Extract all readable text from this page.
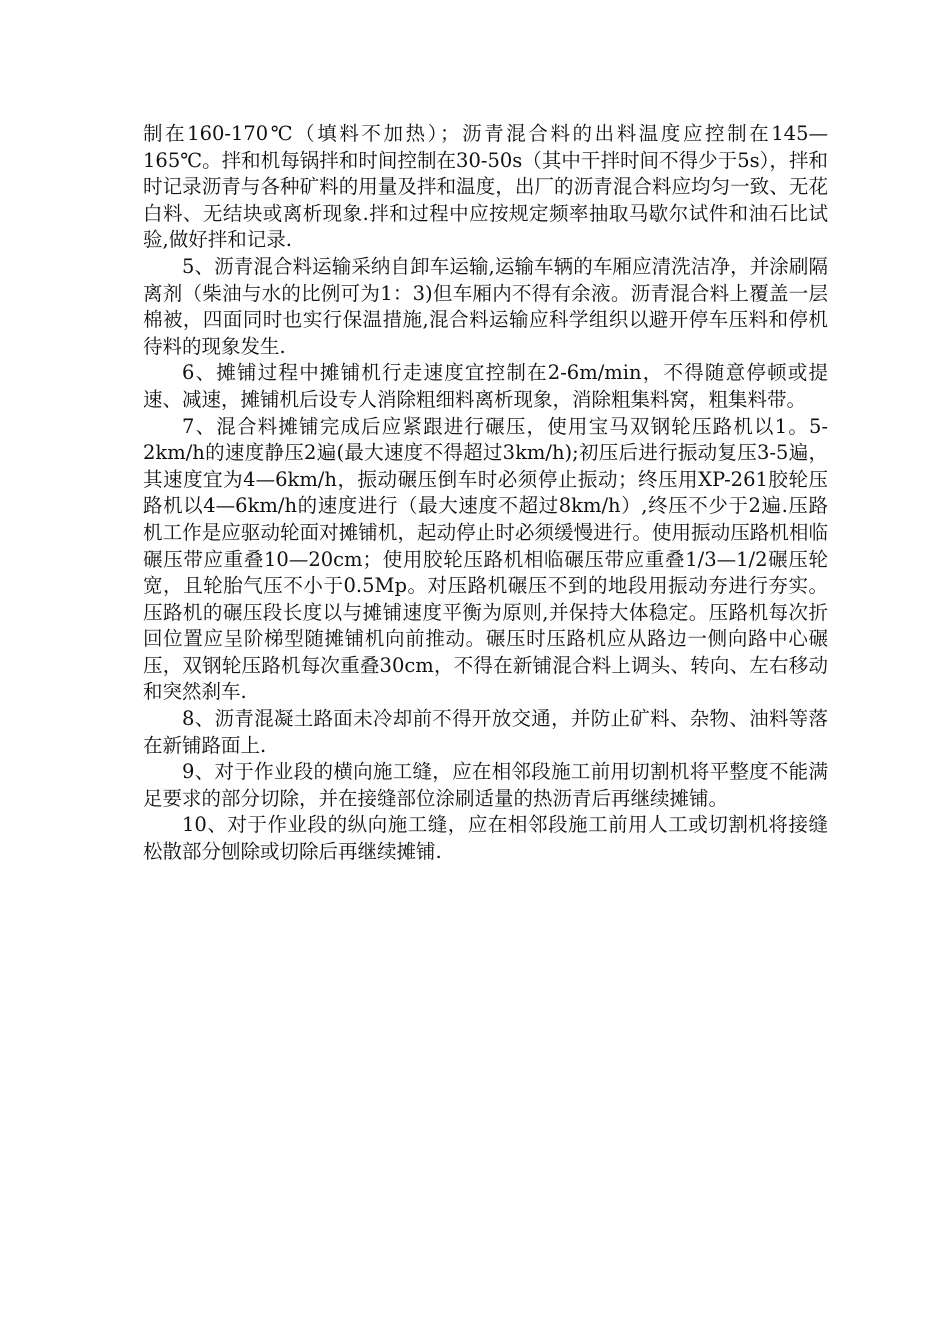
制在160-170℃（填料不加热）；沥青混合料的出料温度应控制在145—165℃。拌和机每锅拌和时间控制在30-50s（其中干拌时间不得少于5s），拌和时记录沥青与各种矿料的用量及拌和温度，出厂的沥青混合料应均匀一致、无花白料、无结块或离析现象.拌和过程中应按规定频率抽取马歇尔试件和油石比试验,做好拌和记录.

5、沥青混合料运输采纳自卸车运输,运输车辆的车厢应清洗洁净，并涂刷隔离剂（柴油与水的比例可为1：3)但车厢内不得有余液。沥青混合料上覆盖一层棉被，四面同时也实行保温措施,混合料运输应科学组织以避开停车压料和停机待料的现象发生.

6、摊铺过程中摊铺机行走速度宜控制在2-6m/min，不得随意停顿或提速、减速，摊铺机后设专人消除粗细料离析现象，消除粗集料窝，粗集料带。

7、混合料摊铺完成后应紧跟进行碾压，使用宝马双钢轮压路机以1。5-2km/h的速度静压2遍(最大速度不得超过3km/h);初压后进行振动复压3-5遍，其速度宜为4—6km/h，振动碾压倒车时必须停止振动；终压用XP-261胶轮压路机以4—6km/h的速度进行（最大速度不超过8km/h）,终压不少于2遍.压路机工作是应驱动轮面对摊铺机，起动停止时必须缓慢进行。使用振动压路机相临碾压带应重叠10—20cm；使用胶轮压路机相临碾压带应重叠1/3—1/2碾压轮宽，且轮胎气压不小于0.5Mp。对压路机碾压不到的地段用振动夯进行夯实。压路机的碾压段长度以与摊铺速度平衡为原则,并保持大体稳定。压路机每次折回位置应呈阶梯型随摊铺机向前推动。碾压时压路机应从路边一侧向路中心碾压，双钢轮压路机每次重叠30cm，不得在新铺混合料上调头、转向、左右移动和突然刹车.

8、沥青混凝土路面未冷却前不得开放交通，并防止矿料、杂物、油料等落在新铺路面上.

9、对于作业段的横向施工缝，应在相邻段施工前用切割机将平整度不能满足要求的部分切除，并在接缝部位涂刷适量的热沥青后再继续摊铺。

10、对于作业段的纵向施工缝，应在相邻段施工前用人工或切割机将接缝松散部分刨除或切除后再继续摊铺.
